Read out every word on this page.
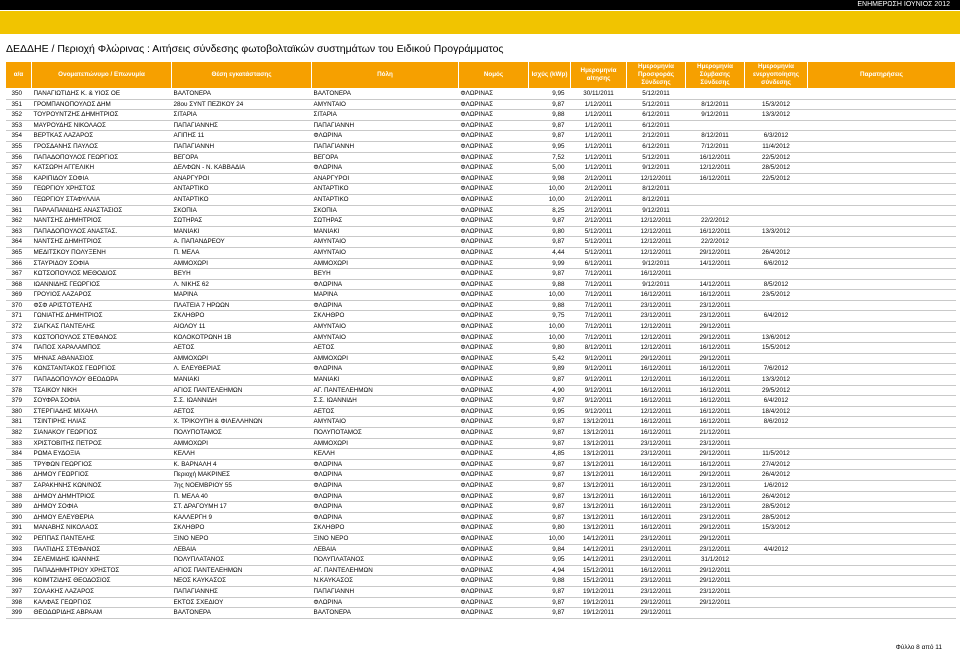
ΕΝΗΜΕΡΩΣΗ ΙΟΥΝΙΟΣ 2012
ΔΕΔΔΗΕ / Περιοχή Φλώρινας : Αιτήσεις σύνδεσης φωτοβολταϊκών συστημάτων του Ειδικού Προγράμματος
α/α	Ονοματεπώνυμο / Επωνυμία	Θέση εγκατάστασης	Πόλη	Νομός	Ισχύς (kWp)	Ημερομηνία αίτησης	Ημερομηνία Προσφοράς Σύνδεσης	Ημερομηνία Σύμβασης Σύνδεσης	Ημερομηνία ενεργοποίησης σύνδεσης	Παρατηρήσεις
350	ΠΑΝΑΓΙΩΤΙΔΗΣ Κ. & ΥΙΟΣ ΟΕ	ΒΑΛΤΟΝΕΡΑ	ΒΑΛΤΟΝΕΡΑ	ΦΛΩΡΙΝΑΣ	9,95	30/11/2011	5/12/2011			
351	ΓΡΟΜΠΑΝΟΠΟΥΛΟΣ ΔΗΜ	28ου ΣΥΝΤ ΠΕΖΙΚΟΥ 24	ΑΜΥΝΤΑΙΟ	ΦΛΩΡΙΝΑΣ	9,87	1/12/2011	5/12/2011	8/12/2011	15/3/2012	
352	ΤΟΥΡΟΥΝΤΖΗΣ ΔΗΜΗΤΡΙΟΣ	ΣΙΤΑΡΙΑ	ΣΙΤΑΡΙΑ	ΦΛΩΡΙΝΑΣ	9,88	1/12/2011	6/12/2011	9/12/2011	13/3/2012	
353	ΜΑΥΡΟΥΔΗΣ ΝΙΚΟΛΑΟΣ	ΠΑΠΑΓΙΑΝΝΗΣ	ΠΑΠΑΓΙΑΝΝΗ	ΦΛΩΡΙΝΑΣ	9,87	1/12/2011	6/12/2011			
354	ΒΕΡΤΚΑΣ ΛΑΖΑΡΟΣ	ΑΓΙΠΗΣ 11	ΦΛΩΡΙΝΑ	ΦΛΩΡΙΝΑΣ	9,87	1/12/2011	2/12/2011	8/12/2011	6/3/2012	
355	ΓΡΟΣΔΑΝΗΣ ΠΑΥΛΟΣ	ΠΑΠΑΓΙΑΝΝΗ	ΠΑΠΑΓΙΑΝΝΗ	ΦΛΩΡΙΝΑΣ	9,95	1/12/2011	6/12/2011	7/12/2011	11/4/2012	
356	ΠΑΠΑΔΟΠΟΥΛΟΣ ΓΕΩΡΓΙΟΣ	ΒΕΓΟΡΑ	ΒΕΓΟΡΑ	ΦΛΩΡΙΝΑΣ	7,52	1/12/2011	5/12/2011	16/12/2011	22/5/2012	
357	ΚΑΤΣΩΡΗ ΑΓΓΕΛΙΚΗ	ΔΕΛΦΩΝ - Ν. ΚΑΒΒΑΔΙΑ	ΦΛΩΡΙΝΑ	ΦΛΩΡΙΝΑΣ	5,00	1/12/2011	9/12/2011	12/12/2011	28/5/2012	
358	ΚΑΡΙΠΙΔΟΥ ΣΟΦΙΑ	ΑΝΑΡΓΥΡΟΙ	ΑΝΑΡΓΥΡΟΙ	ΦΛΩΡΙΝΑΣ	9,98	2/12/2011	12/12/2011	16/12/2011	22/5/2012	
359	ΓΕΩΡΓΙΟΥ ΧΡΗΣΤΟΣ	ΑΝΤΑΡΤΙΚΟ	ΑΝΤΑΡΤΙΚΟ	ΦΛΩΡΙΝΑΣ	10,00	2/12/2011	8/12/2011			
360	ΓΕΩΡΓΙΟΥ ΣΤΑΦΥΛΛΙΑ	ΑΝΤΑΡΤΙΚΟ	ΑΝΤΑΡΤΙΚΟ	ΦΛΩΡΙΝΑΣ	10,00	2/12/2011	8/12/2011			
361	ΠΑΡΛΑΠΑΝΙΔΗΣ ΑΝΑΣΤΑΣΙΟΣ	ΣΚΟΠΙΑ	ΣΚΟΠΙΑ	ΦΛΩΡΙΝΑΣ	8,25	2/12/2011	9/12/2011			
362	ΝΑΝΤΣΗΣ ΔΗΜΗΤΡΙΟΣ	ΣΩΤΗΡΑΣ	ΣΩΤΗΡΑΣ	ΦΛΩΡΙΝΑΣ	9,87	2/12/2011	12/12/2011	22/2/2012		
363	ΠΑΠΑΔΟΠΟΥΛΟΣ ΑΝΑΣΤΑΣ.	ΜΑΝΙΑΚΙ	ΜΑΝΙΑΚΙ	ΦΛΩΡΙΝΑΣ	9,80	5/12/2011	12/12/2011	16/12/2011	13/3/2012	
364	ΝΑΝΤΣΗΣ ΔΗΜΗΤΡΙΟΣ	Α. ΠΑΠΑΝΔΡΕΟΥ	ΑΜΥΝΤΑΙΟ	ΦΛΩΡΙΝΑΣ	9,87	5/12/2011	12/12/2011	22/2/2012		
365	ΜΕΔΙΤΣΚΟΥ ΠΟΛΥΞΕΝΗ	Π. ΜΕΛΑ	ΑΜΥΝΤΑΙΟ	ΦΛΩΡΙΝΑΣ	4,44	5/12/2011	12/12/2011	29/12/2011	26/4/2012	
366	ΣΤΑΥΡΙΔΟΥ ΣΟΦΙΑ	ΑΜΜΟΧΩΡΙ	ΑΜΜΟΧΩΡΙ	ΦΛΩΡΙΝΑΣ	9,99	6/12/2011	9/12/2011	14/12/2011	6/6/2012	
367	ΚΩΤΣΟΠΟΥΛΟΣ ΜΕΘΟΔΙΟΣ	ΒΕΥΗ	ΒΕΥΗ	ΦΛΩΡΙΝΑΣ	9,87	7/12/2011	16/12/2011			
368	ΙΩΑΝΝΙΔΗΣ ΓΕΩΡΓΙΟΣ	Λ. ΝΙΚΗΣ 62	ΦΛΩΡΙΝΑ	ΦΛΩΡΙΝΑΣ	9,88	7/12/2011	9/12/2011	14/12/2011	8/5/2012	
369	ΓΡΟΥΙΟΣ ΛΑΖΑΡΟΣ	ΜΑΡΙΝΑ	ΜΑΡΙΝΑ	ΦΛΩΡΙΝΑΣ	10,00	7/12/2011	16/12/2011	16/12/2011	23/5/2012	
370	ΦΣΦ ΑΡΙΣΤΟΤΕΛΗΣ	ΠΛΑΤΕΙΑ 7 ΗΡΩΩΝ	ΦΛΩΡΙΝΑ	ΦΛΩΡΙΝΑΣ	9,88	7/12/2011	23/12/2011	23/12/2011		
371	ΓΩΝΙΑΤΗΣ ΔΗΜΗΤΡΙΟΣ	ΣΚΛΗΘΡΟ	ΣΚΛΗΘΡΟ	ΦΛΩΡΙΝΑΣ	9,75	7/12/2011	23/12/2011	23/12/2011	6/4/2012	
372	ΣΙΑΓΚΑΣ ΠΑΝΤΕΛΗΣ	ΑΙΟΛΟΥ 11	ΑΜΥΝΤΑΙΟ	ΦΛΩΡΙΝΑΣ	10,00	7/12/2011	12/12/2011	29/12/2011		
373	ΚΩΣΤΟΠΟΥΛΟΣ ΣΤΕΦΑΝΟΣ	ΚΟΛΟΚΟΤΡΩΝΗ 1Β	ΑΜΥΝΤΑΙΟ	ΦΛΩΡΙΝΑΣ	10,00	7/12/2011	12/12/2011	29/12/2011	13/6/2012	
374	ΠΑΠΟΣ ΧΑΡΑΛΑΜΠΟΣ	ΑΕΤΟΣ	ΑΕΤΟΣ	ΦΛΩΡΙΝΑΣ	9,80	8/12/2011	12/12/2011	16/12/2011	15/5/2012	
375	ΜΗΝΑΣ ΑΘΑΝΑΣΙΟΣ	ΑΜΜΟΧΩΡΙ	ΑΜΜΟΧΩΡΙ	ΦΛΩΡΙΝΑΣ	5,42	9/12/2011	29/12/2011	29/12/2011		
376	ΚΩΝΣΤΑΝΤΑΚΟΣ ΓΕΩΡΓΙΟΣ	Λ. ΕΛΕΥΘΕΡΙΑΣ	ΦΛΩΡΙΝΑ	ΦΛΩΡΙΝΑΣ	9,89	9/12/2011	16/12/2011	16/12/2011	7/6/2012	
377	ΠΑΠΑΔΟΠΟΥΛΟΥ ΘΕΟΔΩΡΑ	ΜΑΝΙΑΚΙ	ΜΑΝΙΑΚΙ	ΦΛΩΡΙΝΑΣ	9,87	9/12/2011	12/12/2011	16/12/2011	13/3/2012	
378	ΤΣΑΙΚΟΥ ΝΙΚΗ	ΑΓΙΟΣ ΠΑΝΤΕΛΕΗΜΩΝ	ΑΓ. ΠΑΝΤΕΛΕΗΜΩΝ	ΦΛΩΡΙΝΑΣ	4,90	9/12/2011	16/12/2011	16/12/2011	29/5/2012	
379	ΣΟΥΦΡΑ ΣΟΦΙΑ	Σ.Σ. ΙΩΑΝΝΙΔΗ	Σ.Σ. ΙΩΑΝΝΙΔΗ	ΦΛΩΡΙΝΑΣ	9,87	9/12/2011	16/12/2011	16/12/2011	6/4/2012	
380	ΣΤΕΡΓΙΑΔΗΣ ΜΙΧΑΗΛ	ΑΕΤΟΣ	ΑΕΤΟΣ	ΦΛΩΡΙΝΑΣ	9,95	9/12/2011	12/12/2011	16/12/2011	18/4/2012	
381	ΤΣΙΝΤΙΡΗΣ ΗΛΙΑΣ	Χ. ΤΡΙΚΟΥΠΗ & ΦΙΛΕΛΛΗΝΩΝ	ΑΜΥΝΤΑΙΟ	ΦΛΩΡΙΝΑΣ	9,87	13/12/2011	16/12/2011	16/12/2011	8/6/2012	
382	ΣΙΑΝΑΚΟΥ ΓΕΩΡΓΙΟΣ	ΠΟΛΥΠΟΤΑΜΟΣ	ΠΟΛΥΠΟΤΑΜΟΣ	ΦΛΩΡΙΝΑΣ	9,87	13/12/2011	16/12/2011	21/12/2011		
383	ΧΡΙΣΤΟΒΙΤΗΣ ΠΕΤΡΟΣ	ΑΜΜΟΧΩΡΙ	ΑΜΜΟΧΩΡΙ	ΦΛΩΡΙΝΑΣ	9,87	13/12/2011	23/12/2011	23/12/2011		
384	ΡΩΜΑ ΕΥΔΟΞΙΑ	ΚΕΛΛΗ	ΚΕΛΛΗ	ΦΛΩΡΙΝΑΣ	4,85	13/12/2011	23/12/2011	29/12/2011	11/5/2012	
385	ΤΡΥΦΩΝ ΓΕΩΡΓΙΟΣ	Κ. ΒΑΡΝΑΛΗ 4	ΦΛΩΡΙΝΑ	ΦΛΩΡΙΝΑΣ	9,87	13/12/2011	16/12/2011	16/12/2011	27/4/2012	
386	ΔΗΜΟΥ ΓΕΩΡΓΙΟΣ	Περιοχή ΜΑΚΡΙΝΕΣ	ΦΛΩΡΙΝΑ	ΦΛΩΡΙΝΑΣ	9,87	13/12/2011	16/12/2011	29/12/2011	26/4/2012	
387	ΣΑΡΑΚΗΝΗΣ ΚΩΝ/ΝΟΣ	7ης ΝΟΕΜΒΡΙΟΥ 55	ΦΛΩΡΙΝΑ	ΦΛΩΡΙΝΑΣ	9,87	13/12/2011	16/12/2011	23/12/2011	1/6/2012	
388	ΔΗΜΟΥ ΔΗΜΗΤΡΙΟΣ	Π. ΜΕΛΑ 40	ΦΛΩΡΙΝΑ	ΦΛΩΡΙΝΑΣ	9,87	13/12/2011	16/12/2011	16/12/2011	26/4/2012	
389	ΔΗΜΟΥ ΣΟΦΙΑ	ΣΤ. ΔΡΑΓΟΥΜΗ 17	ΦΛΩΡΙΝΑ	ΦΛΩΡΙΝΑΣ	9,87	13/12/2011	16/12/2011	23/12/2011	28/5/2012	
390	ΔΗΜΟΥ ΕΛΕΥΘΕΡΙΑ	ΚΑΛΛΕΡΓΗ 9	ΦΛΩΡΙΝΑ	ΦΛΩΡΙΝΑΣ	9,87	13/12/2011	16/12/2011	23/12/2011	28/5/2012	
391	ΜΑΝΑΒΗΣ ΝΙΚΟΛΑΟΣ	ΣΚΛΗΘΡΟ	ΣΚΛΗΘΡΟ	ΦΛΩΡΙΝΑΣ	9,80	13/12/2011	16/12/2011	29/12/2011	15/3/2012	
392	ΡΕΠΠΑΣ ΠΑΝΤΕΛΗΣ	ΞΙΝΟ ΝΕΡΟ	ΞΙΝΟ ΝΕΡΟ	ΦΛΩΡΙΝΑΣ	10,00	14/12/2011	23/12/2011	29/12/2011		
393	ΠΑΛΤΙΔΗΣ ΣΤΕΦΑΝΟΣ	ΛΕΒΑΙΑ	ΛΕΒΑΙΑ	ΦΛΩΡΙΝΑΣ	9,84	14/12/2011	23/12/2011	23/12/2011	4/4/2012	
394	ΣΕΛΕΜΙΔΗΣ ΙΩΑΝΝΗΣ	ΠΟΛΥΠΛΑΤΑΝΟΣ	ΠΟΛΥΠΛΑΤΑΝΟΣ	ΦΛΩΡΙΝΑΣ	9,95	14/12/2011	23/12/2011	31/1/2012		
395	ΠΑΠΑΔΗΜΗΤΡΙΟΥ ΧΡΗΣΤΟΣ	ΑΓΙΟΣ ΠΑΝΤΕΛΕΗΜΩΝ	ΑΓ. ΠΑΝΤΕΛΕΗΜΩΝ	ΦΛΩΡΙΝΑΣ	4,94	15/12/2011	16/12/2011	29/12/2011		
396	ΚΟΙΜΤΖΙΔΗΣ ΘΕΟΔΟΣΙΟΣ	ΝΕΟΣ ΚΑΥΚΑΣΟΣ	Ν.ΚΑΥΚΑΣΟΣ	ΦΛΩΡΙΝΑΣ	9,88	15/12/2011	23/12/2011	29/12/2011		
397	ΣΟΛΑΚΗΣ ΛΑΖΑΡΟΣ	ΠΑΠΑΓΙΑΝΝΗΣ	ΠΑΠΑΓΙΑΝΝΗ	ΦΛΩΡΙΝΑΣ	9,87	19/12/2011	23/12/2011	23/12/2011		
398	ΚΑΛΦΑΣ ΓΕΩΡΓΙΟΣ	ΕΚΤΟΣ ΣΧΕΔΙΟΥ	ΦΛΩΡΙΝΑ	ΦΛΩΡΙΝΑΣ	9,87	19/12/2011	29/12/2011	29/12/2011		
399	ΘΕΟΔΩΡΙΔΗΣ ΑΒΡΑΑΜ	ΒΑΛΤΟΝΕΡΑ	ΒΑΛΤΟΝΕΡΑ	ΦΛΩΡΙΝΑΣ	9,87	19/12/2011	29/12/2011			
Φύλλο 8 από 11
